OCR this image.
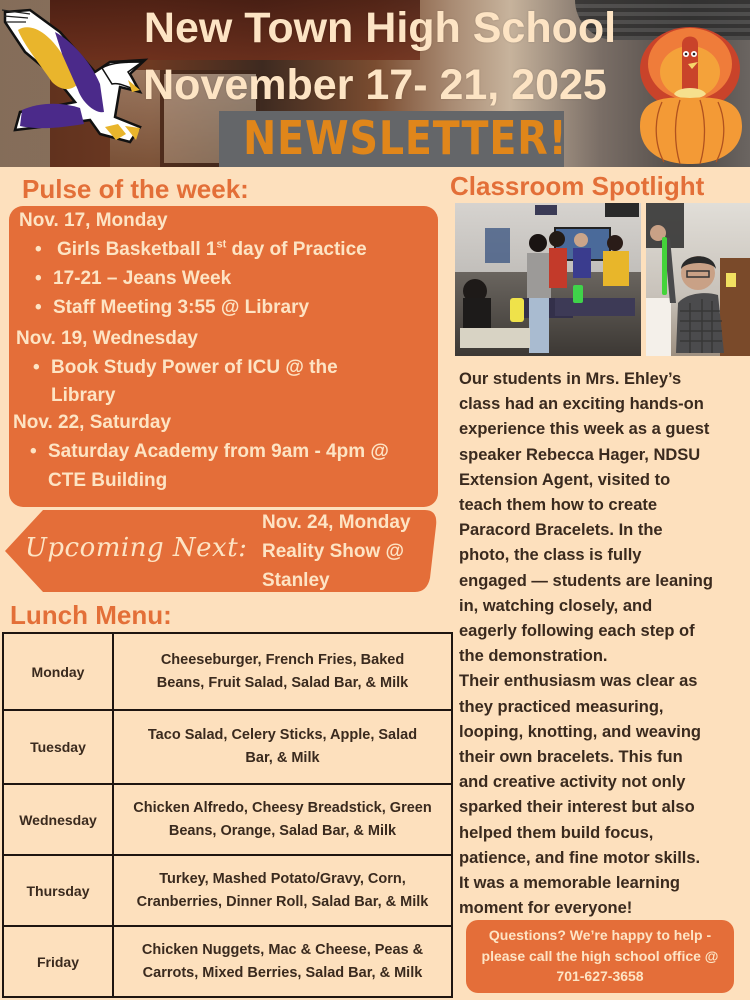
New Town High School
November 17- 21, 2025
NEWSLETTER!
Pulse of the week:
Nov. 17, Monday
• Girls Basketball 1st day of Practice
• 17-21 – Jeans Week
• Staff Meeting 3:55 @ Library
Nov. 19, Wednesday
• Book Study Power of ICU @ the
Library
Nov. 22, Saturday
• Saturday Academy from 9am - 4pm @
CTE Building
Upcoming Next:
Nov. 24, Monday
Reality Show @
Stanley
Lunch Menu:
Monday	Cheeseburger, French Fries, Baked
Beans, Fruit Salad, Salad Bar, & Milk

Tuesday	Taco Salad, Celery Sticks, Apple, Salad
Bar, & Milk

Wednesday	Chicken Alfredo, Cheesy Breadstick, Green
Beans, Orange, Salad Bar, & Milk

Thursday	Turkey, Mashed Potato/Gravy, Corn,
Cranberries, Dinner Roll, Salad Bar, & Milk

Friday	Chicken Nuggets, Mac & Cheese, Peas &
Carrots, Mixed Berries, Salad Bar, & Milk
Classroom Spotlight
Our students in Mrs. Ehley’s
class had an exciting hands-on
experience this week as a guest
speaker Rebecca Hager, NDSU
Extension Agent, visited to
teach them how to create
Paracord Bracelets. In the
photo, the class is fully
engaged — students are leaning
in, watching closely, and
eagerly following each step of
the demonstration.
Their enthusiasm was clear as
they practiced measuring,
looping, knotting, and weaving
their own bracelets. This fun
and creative activity not only
sparked their interest but also
helped them build focus,
patience, and fine motor skills.
It was a memorable learning
moment for everyone!
Questions? We’re happy to help -
please call the high school office @
701-627-3658
